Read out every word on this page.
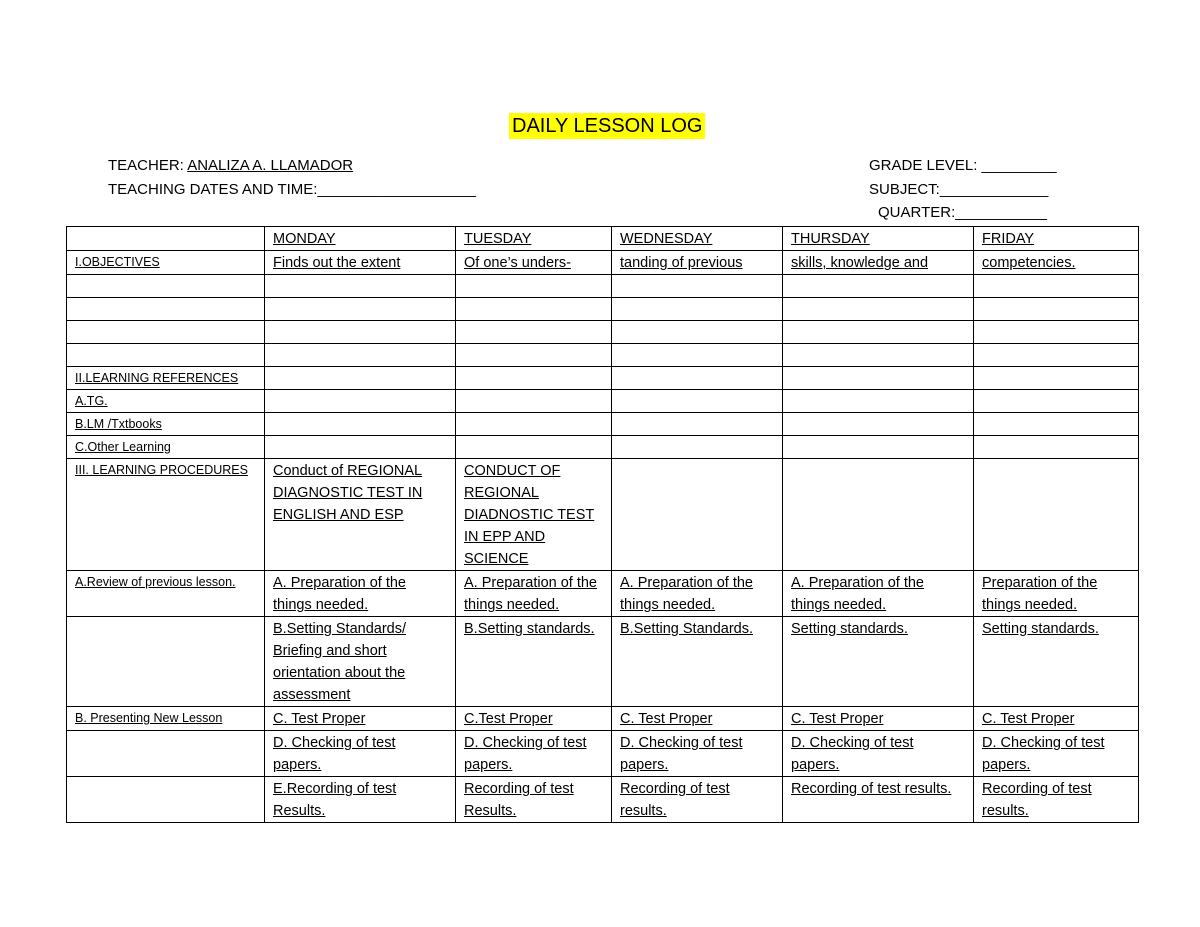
DAILY LESSON LOG
TEACHER: ANALIZA A. LLAMADOR
TEACHING DATES AND TIME:___________________
GRADE LEVEL: _________
SUBJECT:_____________
QUARTER:___________
	MONDAY	TUESDAY	WEDNESDAY	THURSDAY	FRIDAY
I.OBJECTIVES	Finds out the extent	Of one’s unders-	tanding of previous	skills, knowledge and	competencies.

II.LEARNING REFERENCES					
A.TG.					
B.LM /Txtbooks					
C.Other Learning					
III. LEARNING PROCEDURES	Conduct of REGIONAL DIAGNOSTIC TEST IN ENGLISH AND ESP	CONDUCT OF REGIONAL DIADNOSTIC TEST IN EPP AND SCIENCE			
A.Review of previous lesson.	A. Preparation of the things needed.	A. Preparation of the things needed.	A. Preparation of the things needed.	A. Preparation of the things needed.	Preparation of the things needed.
	B.Setting Standards/ Briefing and short orientation about the assessment	B.Setting standards.	B.Setting Standards.	Setting standards.	Setting standards.
B. Presenting New Lesson	C. Test Proper	C.Test Proper	C. Test Proper	C. Test Proper	C. Test Proper
	D. Checking of test papers.	D. Checking of test papers.	D. Checking of test papers.	D. Checking of test papers.	D. Checking of test papers.
	E.Recording of test Results.	Recording of test Results.	Recording of test results.	Recording of test results.	Recording of test results.
